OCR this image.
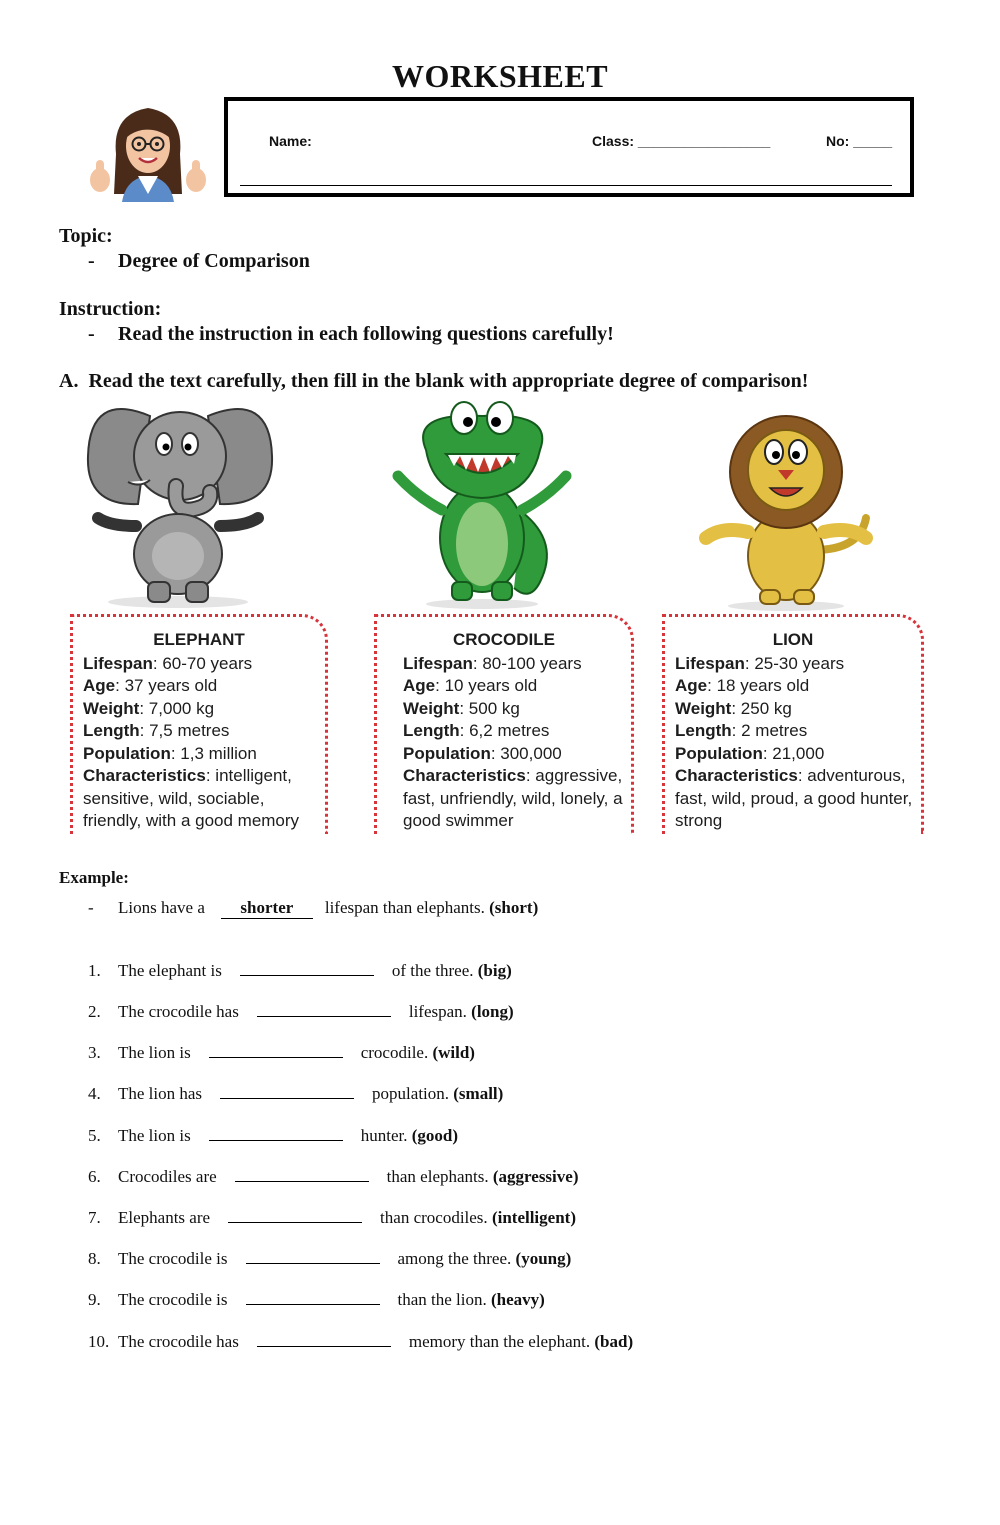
WORKSHEET
Name:	Class: _________________	No: _____
Topic:
- Degree of Comparison
Instruction:
- Read the instruction in each following questions carefully!
A. Read the text carefully, then fill in the blank with appropriate degree of comparison!
ELEPHANT
Lifespan: 60-70 years
Age: 37 years old
Weight: 7,000 kg
Length: 7,5 metres
Population: 1,3 million
Characteristics: intelligent,
sensitive, wild, sociable,
friendly, with a good memory
CROCODILE
Lifespan: 80-100 years
Age: 10 years old
Weight: 500 kg
Length: 6,2 metres
Population: 300,000
Characteristics: aggressive,
fast, unfriendly, wild, lonely, a
good swimmer
LION
Lifespan: 25-30 years
Age: 18 years old
Weight: 250 kg
Length: 2 metres
Population: 21,000
Characteristics: adventurous,
fast, wild, proud, a good hunter,
strong
Example:
- Lions have a shorter lifespan than elephants. (short)
1. The elephant is	of the three. (big)
2. The crocodile has	lifespan. (long)
3. The lion is	crocodile. (wild)
4. The lion has	population. (small)
5. The lion is	hunter. (good)
6. Crocodiles are	than elephants. (aggressive)
7. Elephants are	than crocodiles. (intelligent)
8. The crocodile is	among the three. (young)
9. The crocodile is	than the lion. (heavy)
10. The crocodile has	memory than the elephant. (bad)
